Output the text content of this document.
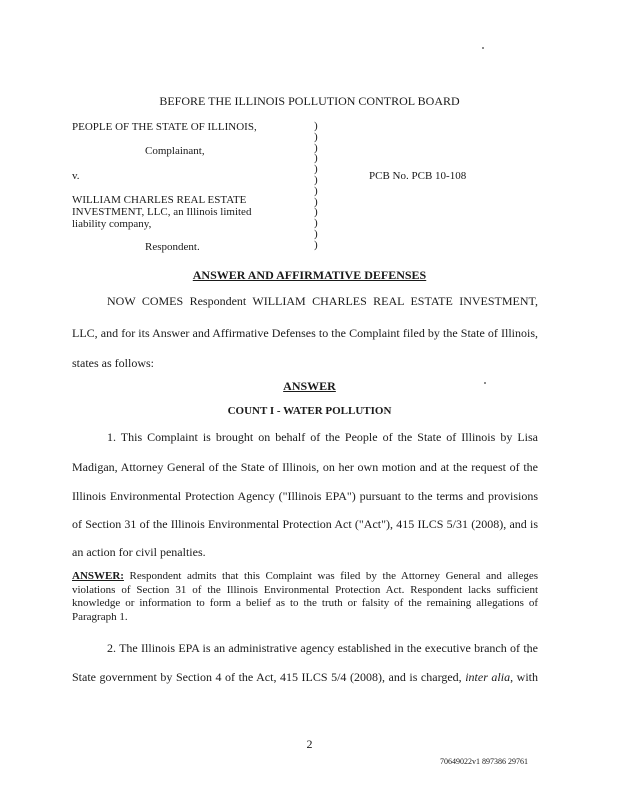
BEFORE THE ILLINOIS POLLUTION CONTROL BOARD
PEOPLE OF THE STATE OF ILLINOIS,
Complainant,
v.
WILLIAM CHARLES REAL ESTATE
INVESTMENT, LLC, an Illinois limited
liability company,
Respondent.
PCB No. PCB 10-108
)
)
)
)
)
)
)
)
)
)
)
)
ANSWER AND AFFIRMATIVE DEFENSES
NOW COMES Respondent WILLIAM CHARLES REAL ESTATE INVESTMENT,
LLC, and for its Answer and Affirmative Defenses to the Complaint filed by the State of Illinois,
states as follows:
ANSWER
COUNT I - WATER POLLUTION
1. This Complaint is brought on behalf of the People of the State of Illinois by Lisa
Madigan, Attorney General of the State of Illinois, on her own motion and at the request of the
Illinois Environmental Protection Agency ("Illinois EPA") pursuant to the terms and provisions
of Section 31 of the Illinois Environmental Protection Act ("Act"), 415 ILCS 5/31 (2008), and is
an action for civil penalties.
ANSWER: Respondent admits that this Complaint was filed by the Attorney General and alleges violations of Section 31 of the Illinois Environmental Protection Act. Respondent lacks sufficient knowledge or information to form a belief as to the truth or falsity of the remaining allegations of Paragraph 1.
2. The Illinois EPA is an administrative agency established in the executive branch of the
State government by Section 4 of the Act, 415 ILCS 5/4 (2008), and is charged, inter alia, with
2
70649022v1 897386 29761
